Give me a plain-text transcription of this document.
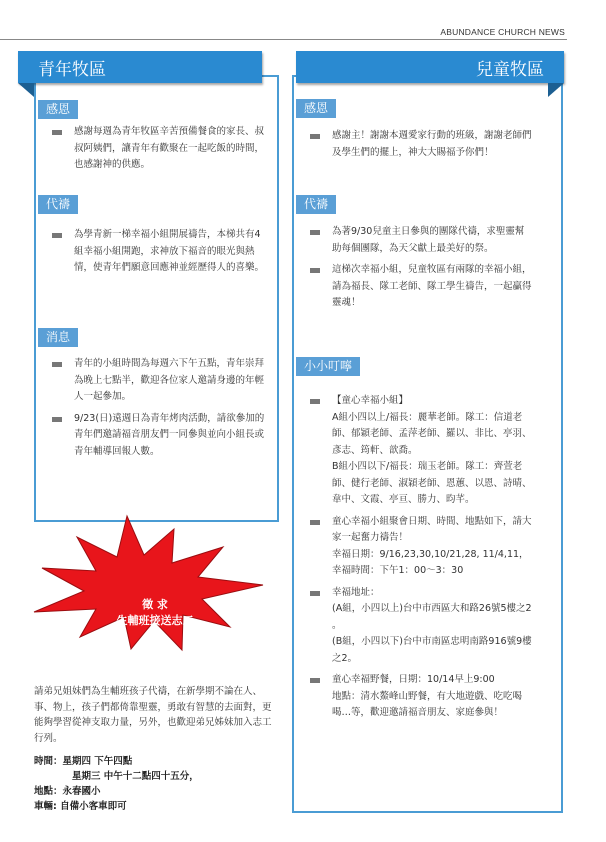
ABUNDANCE CHURCH NEWS
青年牧區	兒童牧區
感恩
感謝每週為青年牧區辛苦預備餐食的家長、叔叔阿姨們，讓青年有歡聚在一起吃飯的時間，也感謝神的供應。
代禱
為學青新一梯幸福小組開展禱告，本梯共有4組幸福小組開跑，求神放下福音的眼光與熱情，使青年們願意回應神並經歷得人的喜樂。
消息
青年的小組時間為每週六下午五點，青年崇拜為晚上七點半，歡迎各位家人邀請身邊的年輕人一起參加。
9/23(日)遠週日為青年烤肉活動，請欲參加的青年們邀請福音朋友們一同參與並向小組長或青年輔導回報人數。
感恩
感謝主！謝謝本週愛家行動的班級，謝謝老師們及學生們的擺上，神大大賜福予你們！
代禱
為著9/30兒童主日參與的團隊代禱，求聖靈幫助每個團隊，為天父獻上最美好的祭。
這梯次幸福小組，兒童牧區有兩隊的幸福小組，請為福長、隊工老師、隊工學生禱告，一起贏得靈魂！
小小叮嚀
【童心幸福小組】
A組小四以上/福長：麗華老師。隊工：信道老師、郁穎老師、孟萍老師、羅以、非比、亭羽、彥志、筠軒、歆喬。
B組小四以下/福長：瑞玉老師。隊工：齊萱老師、健行老師、淑穎老師、恩蕙、以恩、詩晴、韋中、文霞、亭亘、勝力、昀芊。
童心幸福小組聚會日期、時間、地點如下，請大家一起奮力禱告！
幸福日期：9/16,23,30,10/21,28, 11/4,11，幸福時間：下午1：00～3：30
幸福地址：
(A組，小四以上)台中市西區大和路26號5樓之2 。
(B組，小四以下)台中市南區忠明南路916號9樓之2。
童心幸福野餐，日期：10/14早上9:00
地點：清水鰲峰山野餐，有大地遊戲、吃吃喝喝…等，歡迎邀請福音朋友、家庭參與！
徵 求
生輔班接送志工
請弟兄姐妹們為生輔班孩子代禱，在新學期不論在人、事、物上，孩子們都倚靠聖靈，勇敢有智慧的去面對，更能夠學習從神支取力量，另外，也歡迎弟兄姊妹加入志工行列。
時間：星期四 下午四點
星期三 中午十二點四十五分，
地點：永春國小
車輛: 自備小客車即可
